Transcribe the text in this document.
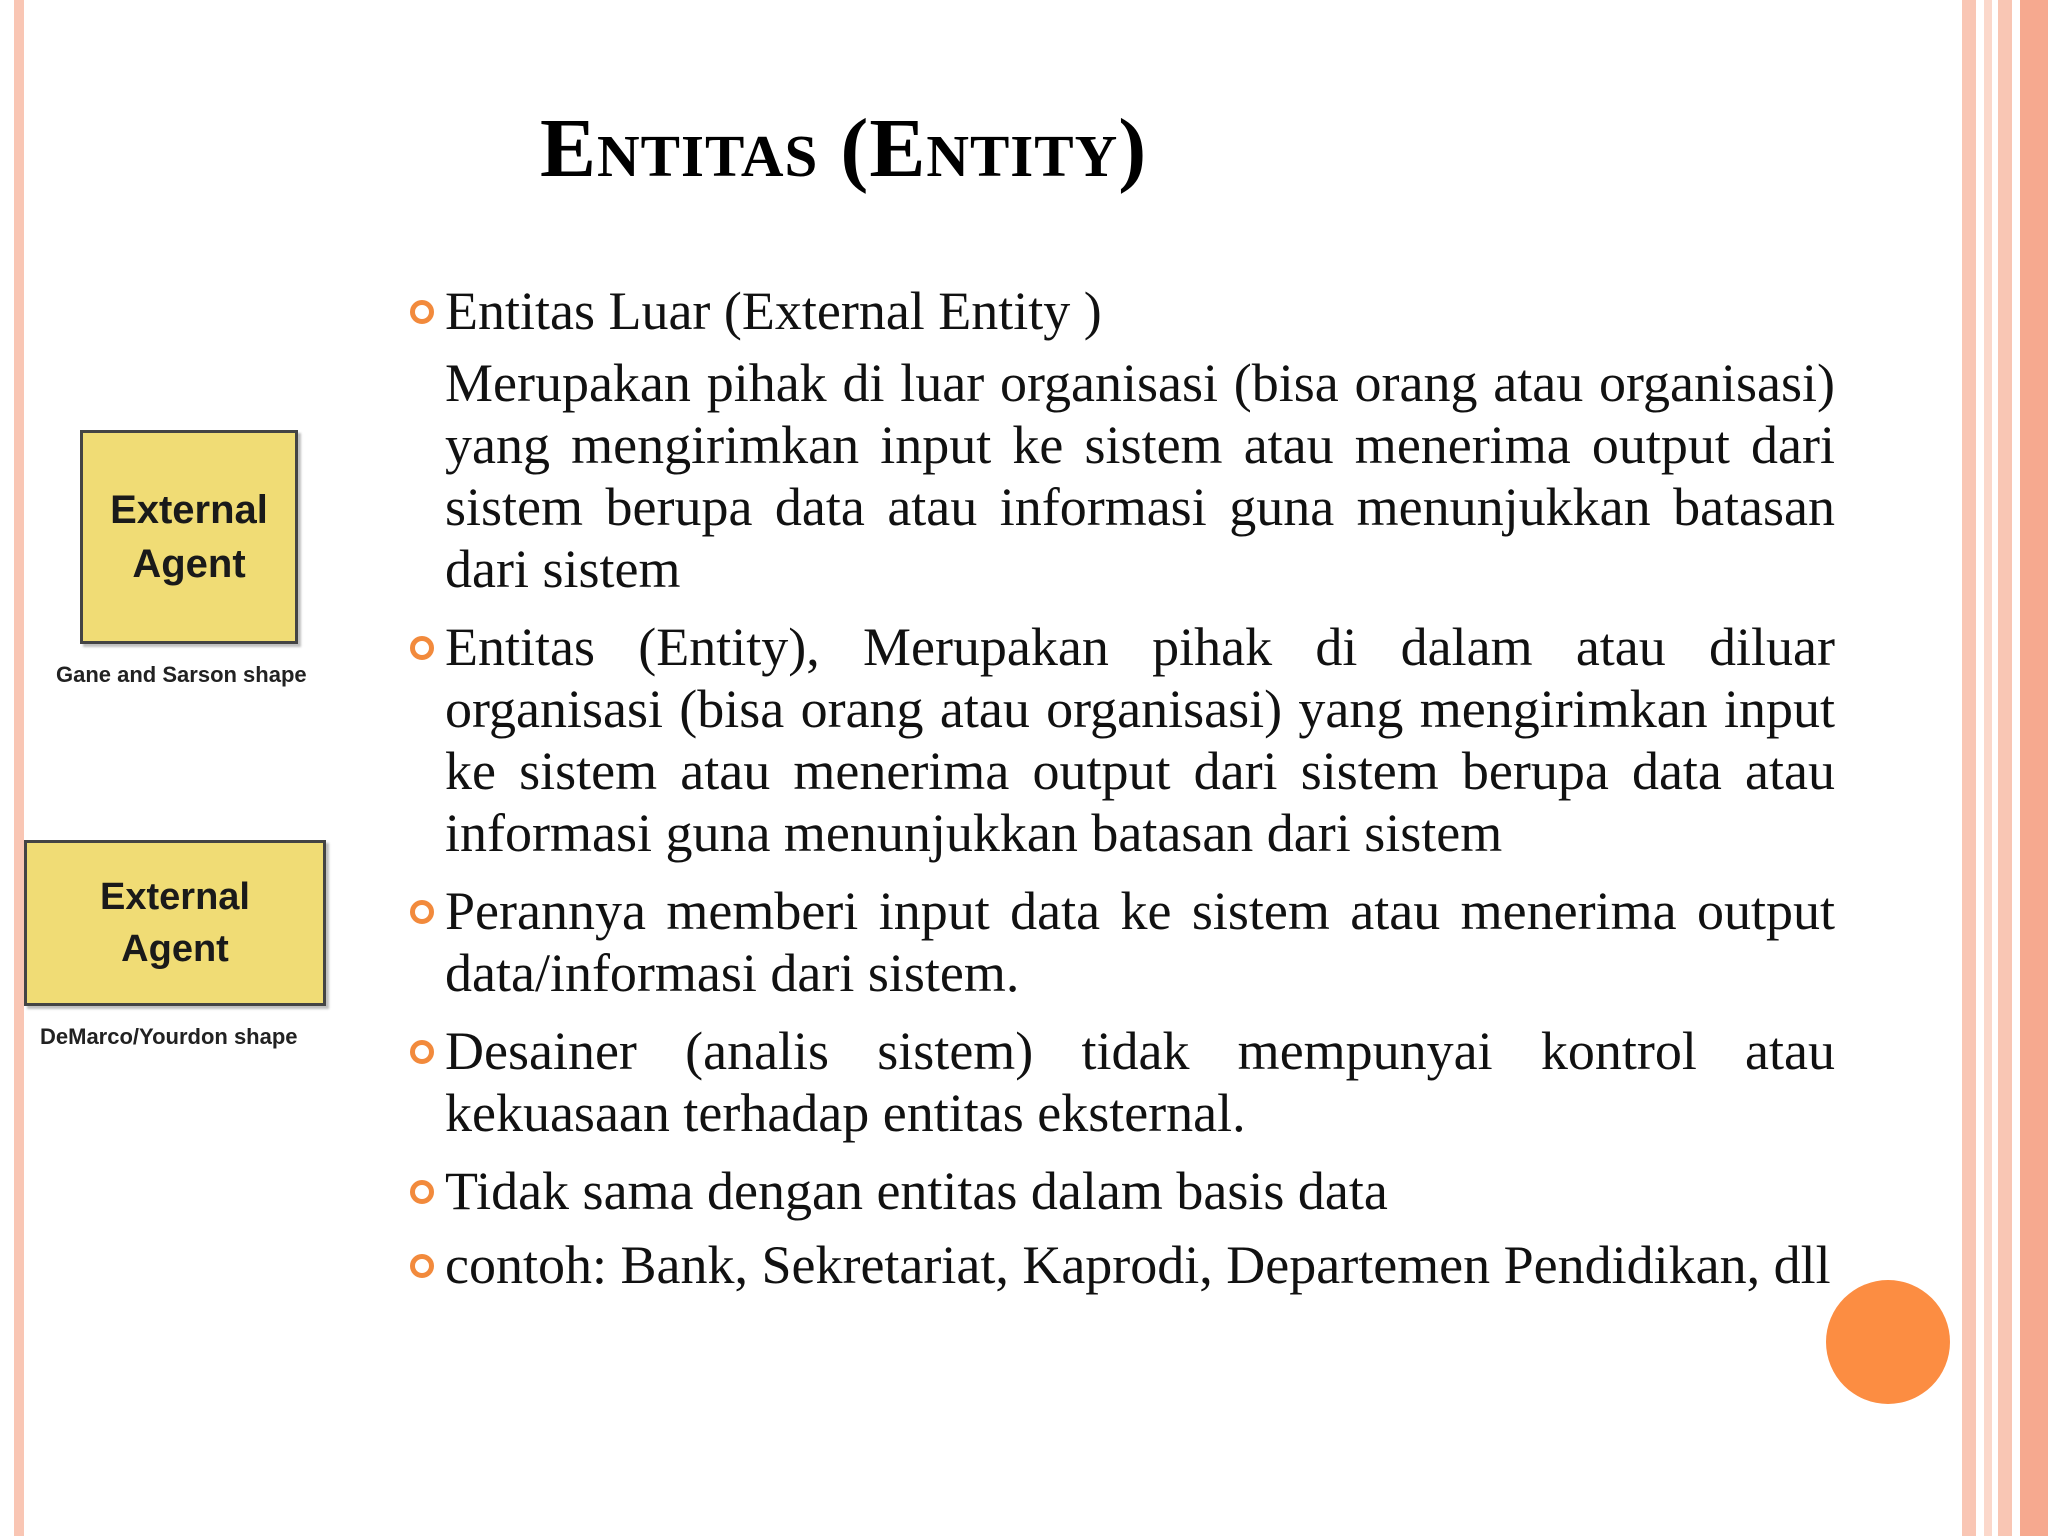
Entitas (Entity)
External
Agent
Gane and Sarson shape
External
Agent
DeMarco/Yourdon shape
Entitas Luar (External Entity )
Merupakan pihak di luar organisasi (bisa orang atau organisasi) yang mengirimkan input ke sistem atau menerima output dari sistem berupa data atau informasi guna menunjukkan batasan dari sistem
Entitas (Entity), Merupakan pihak di dalam atau diluar organisasi (bisa orang atau organisasi) yang mengirimkan input ke sistem atau menerima output dari sistem berupa data atau informasi guna menunjukkan batasan dari sistem
Perannya memberi input data ke sistem atau menerima output data/informasi dari sistem.
Desainer (analis sistem) tidak mempunyai kontrol atau kekuasaan terhadap entitas eksternal.
Tidak sama dengan entitas dalam basis data
contoh: Bank, Sekretariat, Kaprodi, Departemen Pendidikan, dll
